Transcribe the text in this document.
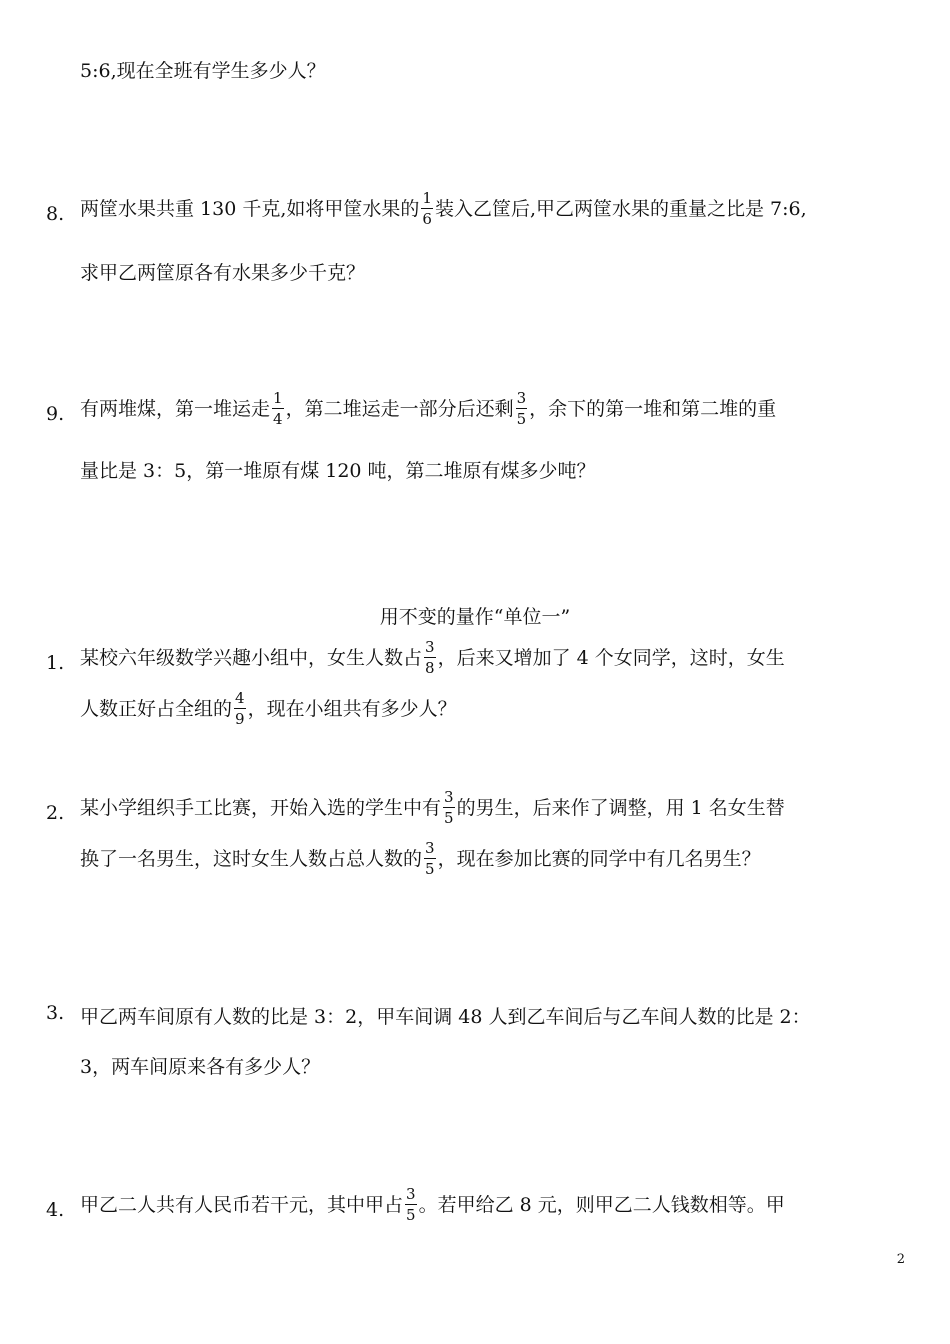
5:6,现在全班有学生多少人？
8. 两筐水果共重 130 千克,如将甲筐水果的 $\frac{1}{6}$ 装入乙筐后,甲乙两筐水果的重量之比是 7:6,
求甲乙两筐原各有水果多少千克？
9. 有两堆煤，第一堆运走 $\frac{1}{4}$ ，第二堆运走一部分后还剩 $\frac{3}{5}$ ，余下的第一堆和第二堆的重
量比是 3：5，第一堆原有煤 120 吨，第二堆原有煤多少吨？
用不变的量作“单位一”
1. 某校六年级数学兴趣小组中，女生人数占 $\frac{3}{8}$ ，后来又增加了 4 个女同学，这时，女生
人数正好占全组的 $\frac{4}{9}$ ，现在小组共有多少人？
2. 某小学组织手工比赛，开始入选的学生中有 $\frac{3}{5}$ 的男生，后来作了调整，用 1 名女生替
换了一名男生，这时女生人数占总人数的 $\frac{3}{5}$ ，现在参加比赛的同学中有几名男生？
3. 甲乙两车间原有人数的比是 3：2，甲车间调 48 人到乙车间后与乙车间人数的比是 2：
3，两车间原来各有多少人？
4. 甲乙二人共有人民币若干元，其中甲占 $\frac{3}{5}$ 。若甲给乙 8 元，则甲乙二人钱数相等。甲
2
